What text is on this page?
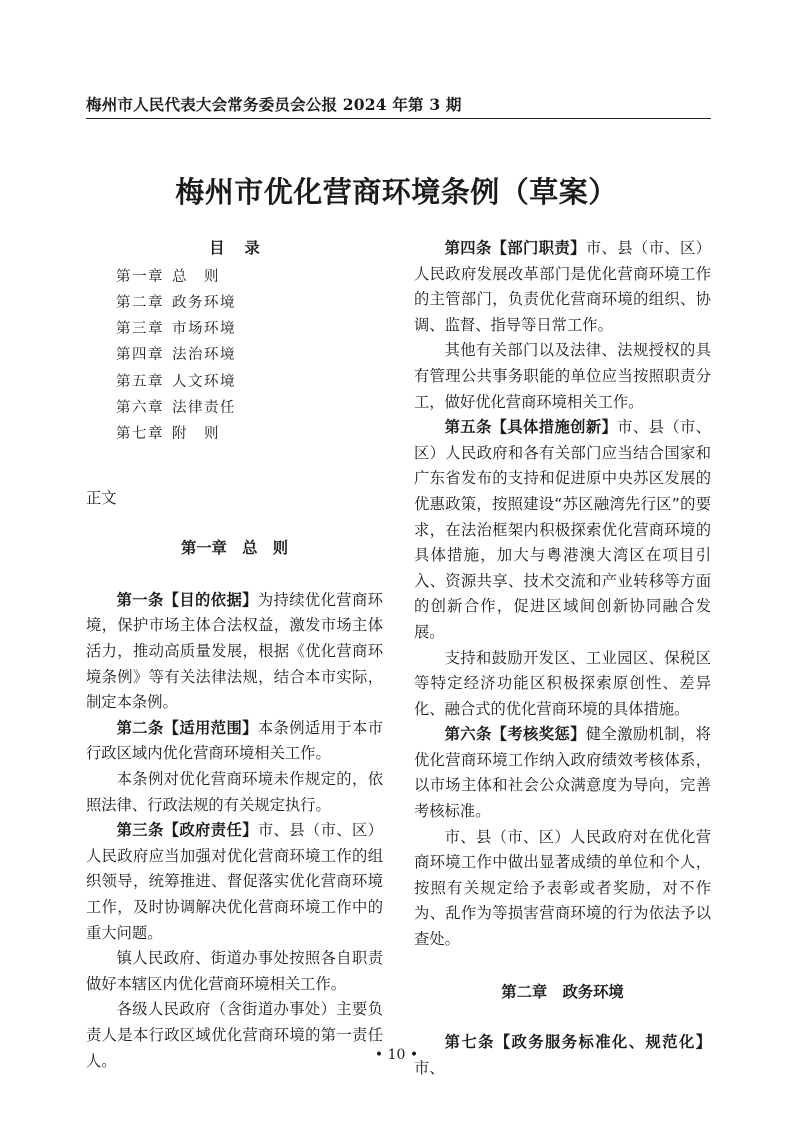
梅州市人民代表大会常务委员会公报 2024 年第 3 期
梅州市优化营商环境条例（草案）
目录
第一章 总　则
第二章 政务环境
第三章 市场环境
第四章 法治环境
第五章 人文环境
第六章 法律责任
第七章 附　则
正文
第一章　总　则

第一条【目的依据】为持续优化营商环境，保护市场主体合法权益，激发市场主体活力，推动高质量发展，根据《优化营商环境条例》等有关法律法规，结合本市实际，制定本条例。

第二条【适用范围】本条例适用于本市行政区域内优化营商环境相关工作。

本条例对优化营商环境未作规定的，依照法律、行政法规的有关规定执行。

第三条【政府责任】市、县（市、区）人民政府应当加强对优化营商环境工作的组织领导，统筹推进、督促落实优化营商环境工作，及时协调解决优化营商环境工作中的重大问题。

镇人民政府、街道办事处按照各自职责做好本辖区内优化营商环境相关工作。

各级人民政府（含街道办事处）主要负责人是本行政区域优化营商环境的第一责任人。

第四条【部门职责】市、县（市、区）人民政府发展改革部门是优化营商环境工作的主管部门，负责优化营商环境的组织、协调、监督、指导等日常工作。

其他有关部门以及法律、法规授权的具有管理公共事务职能的单位应当按照职责分工，做好优化营商环境相关工作。

第五条【具体措施创新】市、县（市、区）人民政府和各有关部门应当结合国家和广东省发布的支持和促进原中央苏区发展的优惠政策，按照建设“苏区融湾先行区”的要求，在法治框架内积极探索优化营商环境的具体措施，加大与粤港澳大湾区在项目引入、资源共享、技术交流和产业转移等方面的创新合作，促进区域间创新协同融合发展。

支持和鼓励开发区、工业园区、保税区等特定经济功能区积极探索原创性、差异化、融合式的优化营商环境的具体措施。

第六条【考核奖惩】健全激励机制，将优化营商环境工作纳入政府绩效考核体系，以市场主体和社会公众满意度为导向，完善考核标准。

市、县（市、区）人民政府对在优化营商环境工作中做出显著成绩的单位和个人，按照有关规定给予表彰或者奖励，对不作为、乱作为等损害营商环境的行为依法予以查处。

第二章　政务环境

第七条【政务服务标准化、规范化】市、

• 10 •
